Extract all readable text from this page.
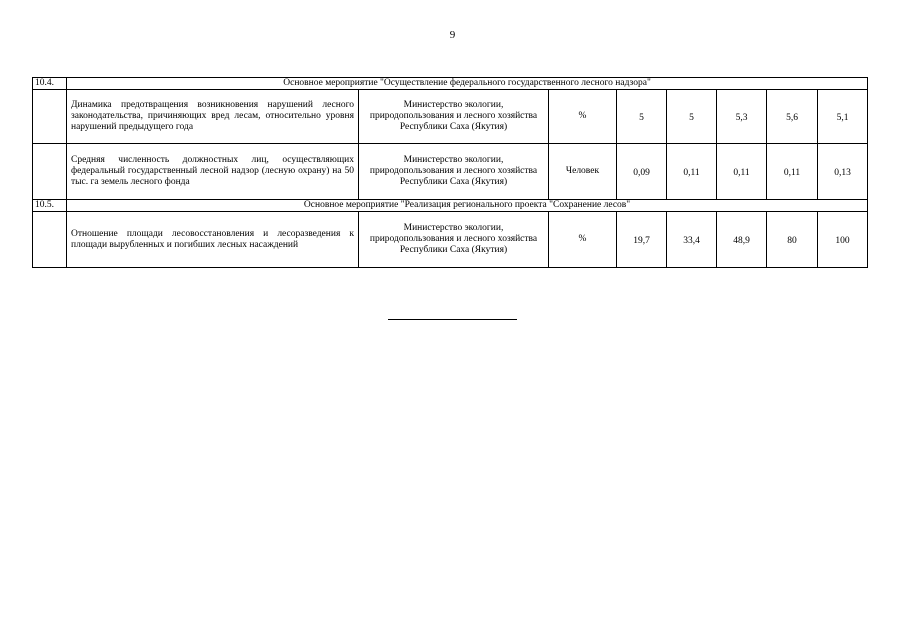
9
10.4.	Основное мероприятие "Осуществление федерального государственного лесного надзора"							
	Динамика предотвращения возникновения нарушений лесного законодательства, причиняющих вред лесам, относительно уровня нарушений предыдущего года	Министерство экологии, природопользования и лесного хозяйства Республики Саха (Якутия)	%	5	5	5,3	5,6	5,1
	Средняя численность должностных лиц, осуществляющих федеральный государственный лесной надзор (лесную охрану) на 50 тыс. га земель лесного фонда	Министерство экологии, природопользования и лесного хозяйства Республики Саха (Якутия)	Человек	0,09	0,11	0,11	0,11	0,13
10.5.	Основное мероприятие "Реализация регионального проекта "Сохранение лесов"							
	Отношение площади лесовосстановления и лесоразведения к площади вырубленных и погибших лесных насаждений	Министерство экологии, природопользования и лесного хозяйства Республики Саха (Якутия)	%	19,7	33,4	48,9	80	100
